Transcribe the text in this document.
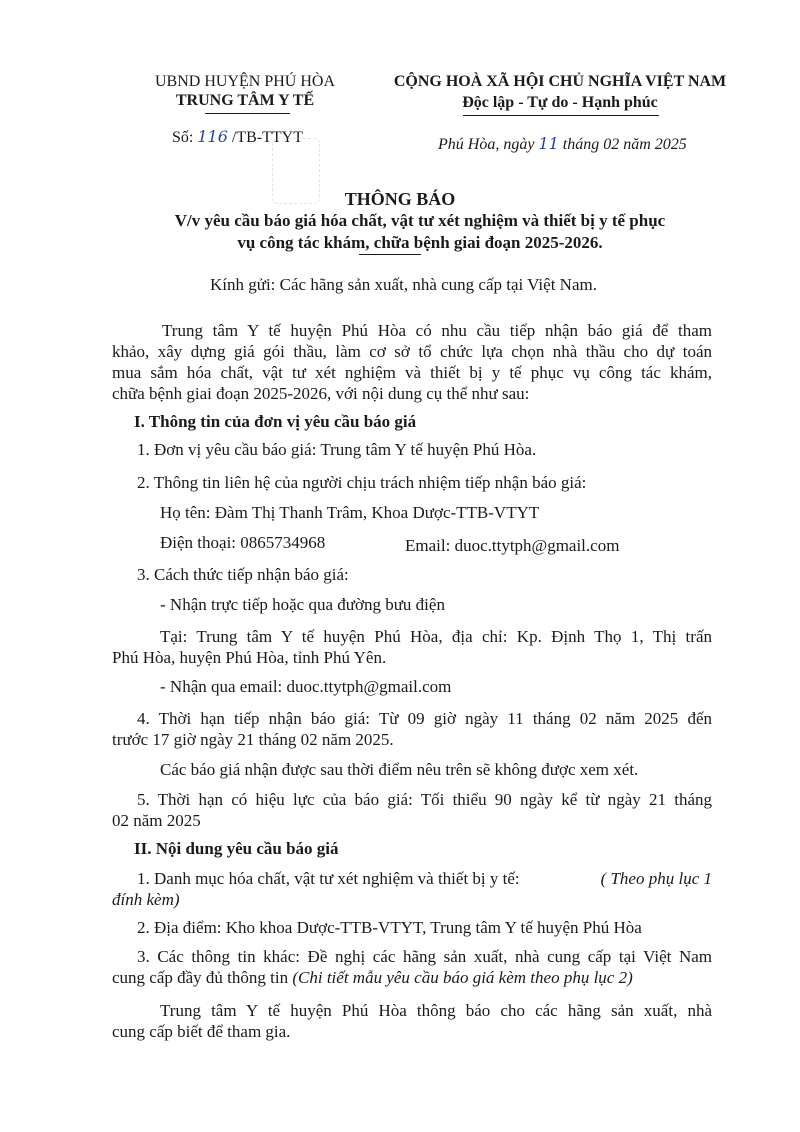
UBND HUYỆN PHÚ HÒA
TRUNG TÂM Y TẾ
Số: 116 /TB-TTYT
CỘNG HOÀ XÃ HỘI CHỦ NGHĨA VIỆT NAM
Độc lập - Tự do - Hạnh phúc
Phú Hòa, ngày 11 tháng 02 năm 2025
THÔNG BÁO
V/v yêu cầu báo giá hóa chất, vật tư xét nghiệm và thiết bị y tế phục
vụ công tác khám, chữa bệnh giai đoạn 2025-2026.
Kính gửi: Các hãng sản xuất, nhà cung cấp tại Việt Nam.
Trung tâm Y tế huyện Phú Hòa có nhu cầu tiếp nhận báo giá để tham
khảo, xây dựng giá gói thầu, làm cơ sở tổ chức lựa chọn nhà thầu cho dự toán
mua sắm hóa chất, vật tư xét nghiệm và thiết bị y tế phục vụ công tác khám,
chữa bệnh giai đoạn 2025-2026, với nội dung cụ thể như sau:
I. Thông tin của đơn vị yêu cầu báo giá
1. Đơn vị yêu cầu báo giá: Trung tâm Y tế huyện Phú Hòa.
2. Thông tin liên hệ của người chịu trách nhiệm tiếp nhận báo giá:
Họ tên: Đàm Thị Thanh Trâm, Khoa Dược-TTB-VTYT
Điện thoại: 0865734968	Email: duoc.ttytph@gmail.com
3. Cách thức tiếp nhận báo giá:
- Nhận trực tiếp hoặc qua đường bưu điện
Tại: Trung tâm Y tế huyện Phú Hòa, địa chỉ: Kp. Định Thọ 1, Thị trấn
Phú Hòa, huyện Phú Hòa, tỉnh Phú Yên.
- Nhận qua email: duoc.ttytph@gmail.com
4. Thời hạn tiếp nhận báo giá: Từ 09 giờ ngày 11 tháng 02 năm 2025 đến
trước 17 giờ ngày 21 tháng 02 năm 2025.
Các báo giá nhận được sau thời điểm nêu trên sẽ không được xem xét.
5. Thời hạn có hiệu lực của báo giá: Tối thiểu 90 ngày kể từ ngày 21 tháng
02 năm 2025
II. Nội dung yêu cầu báo giá
1. Danh mục hóa chất, vật tư xét nghiệm và thiết bị y tế:	( Theo phụ lục 1
đính kèm)
2. Địa điểm: Kho khoa Dược-TTB-VTYT, Trung tâm Y tế huyện Phú Hòa
3. Các thông tin khác: Đề nghị các hãng sản xuất, nhà cung cấp tại Việt Nam
cung cấp đầy đủ thông tin (Chi tiết mẫu yêu cầu báo giá kèm theo phụ lục 2)
Trung tâm Y tế huyện Phú Hòa thông báo cho các hãng sản xuất, nhà
cung cấp biết để tham gia.
